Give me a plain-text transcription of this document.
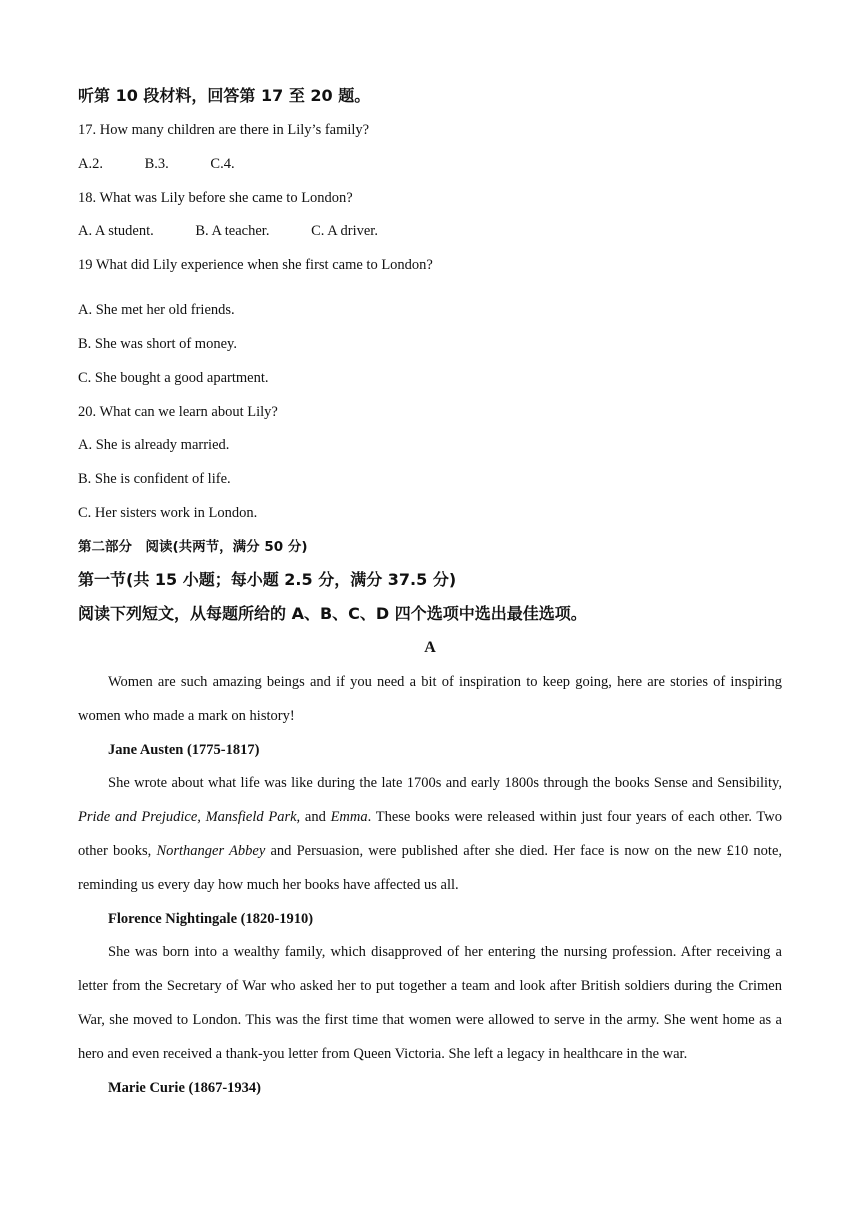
听第 10 段材料，回答第 17 至 20 题。
17. How many children are there in Lily’s family?
A.2.	B.3.	C.4.
18. What was Lily before she came to London?
A. A student.	B. A teacher.	C. A driver.
19 What did Lily experience when she first came to London?
A. She met her old friends.
B. She was short of money.
C. She bought a good apartment.
20. What can we learn about Lily?
A. She is already married.
B. She is confident of life.
C. Her sisters work in London.
第二部分　阅读(共两节，满分 50 分)
第一节(共 15 小题；每小题 2.5 分，满分 37.5 分)
阅读下列短文，从每题所给的 A、B、C、D 四个选项中选出最佳选项。
A
Women are such amazing beings and if you need a bit of inspiration to keep going, here are stories of inspiring women who made a mark on history!
Jane Austen (1775-1817)
She wrote about what life was like during the late 1700s and early 1800s through the books Sense and Sensibility, Pride and Prejudice, Mansfield Park, and Emma. These books were released within just four years of each other. Two other books, Northanger Abbey and Persuasion, were published after she died. Her face is now on the new £10 note, reminding us every day how much her books have affected us all.
Florence Nightingale (1820-1910)
She was born into a wealthy family, which disapproved of her entering the nursing profession. After receiving a letter from the Secretary of War who asked her to put together a team and look after British soldiers during the Crimen War, she moved to London. This was the first time that women were allowed to serve in the army. She went home as a hero and even received a thank-you letter from Queen Victoria. She left a legacy in healthcare in the war.
Marie Curie (1867-1934)
